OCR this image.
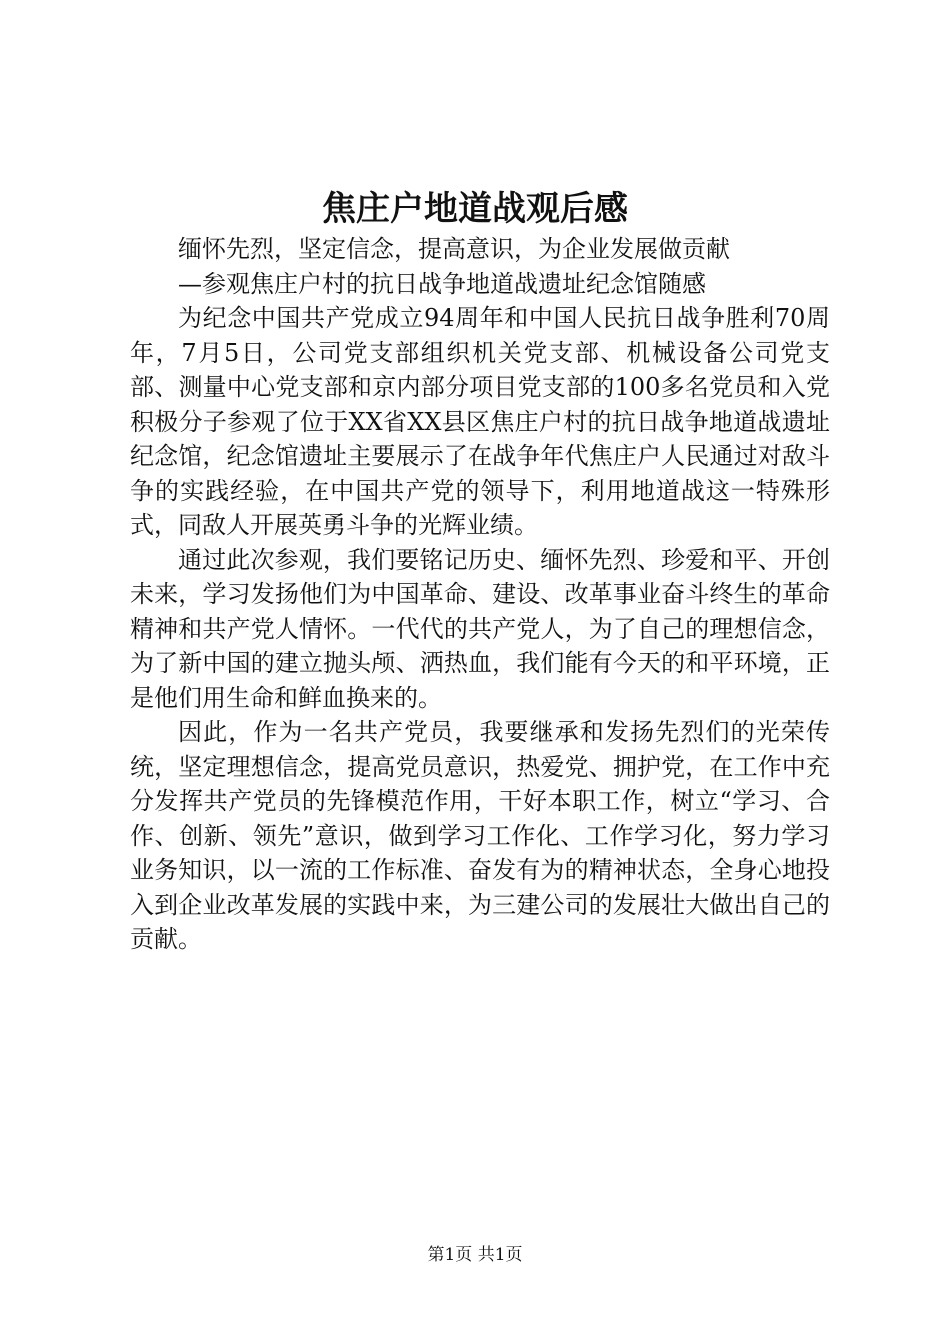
焦庄户地道战观后感

缅怀先烈，坚定信念，提高意识，为企业发展做贡献

—参观焦庄户村的抗日战争地道战遗址纪念馆随感

为纪念中国共产党成立94周年和中国人民抗日战争胜利70周年，7月5日，公司党支部组织机关党支部、机械设备公司党支部、测量中心党支部和京内部分项目党支部的100多名党员和入党积极分子参观了位于XX省XX县区焦庄户村的抗日战争地道战遗址纪念馆，纪念馆遗址主要展示了在战争年代焦庄户人民通过对敌斗争的实践经验，在中国共产党的领导下，利用地道战这一特殊形式，同敌人开展英勇斗争的光辉业绩。

通过此次参观，我们要铭记历史、缅怀先烈、珍爱和平、开创未来，学习发扬他们为中国革命、建设、改革事业奋斗终生的革命精神和共产党人情怀。一代代的共产党人，为了自己的理想信念，为了新中国的建立抛头颅、洒热血，我们能有今天的和平环境，正是他们用生命和鲜血换来的。

因此，作为一名共产党员，我要继承和发扬先烈们的光荣传统，坚定理想信念，提高党员意识，热爱党、拥护党，在工作中充分发挥共产党员的先锋模范作用，干好本职工作，树立“学习、合作、创新、领先”意识，做到学习工作化、工作学习化，努力学习业务知识，以一流的工作标准、奋发有为的精神状态，全身心地投入到企业改革发展的实践中来，为三建公司的发展壮大做出自己的贡献。

第1页 共1页
